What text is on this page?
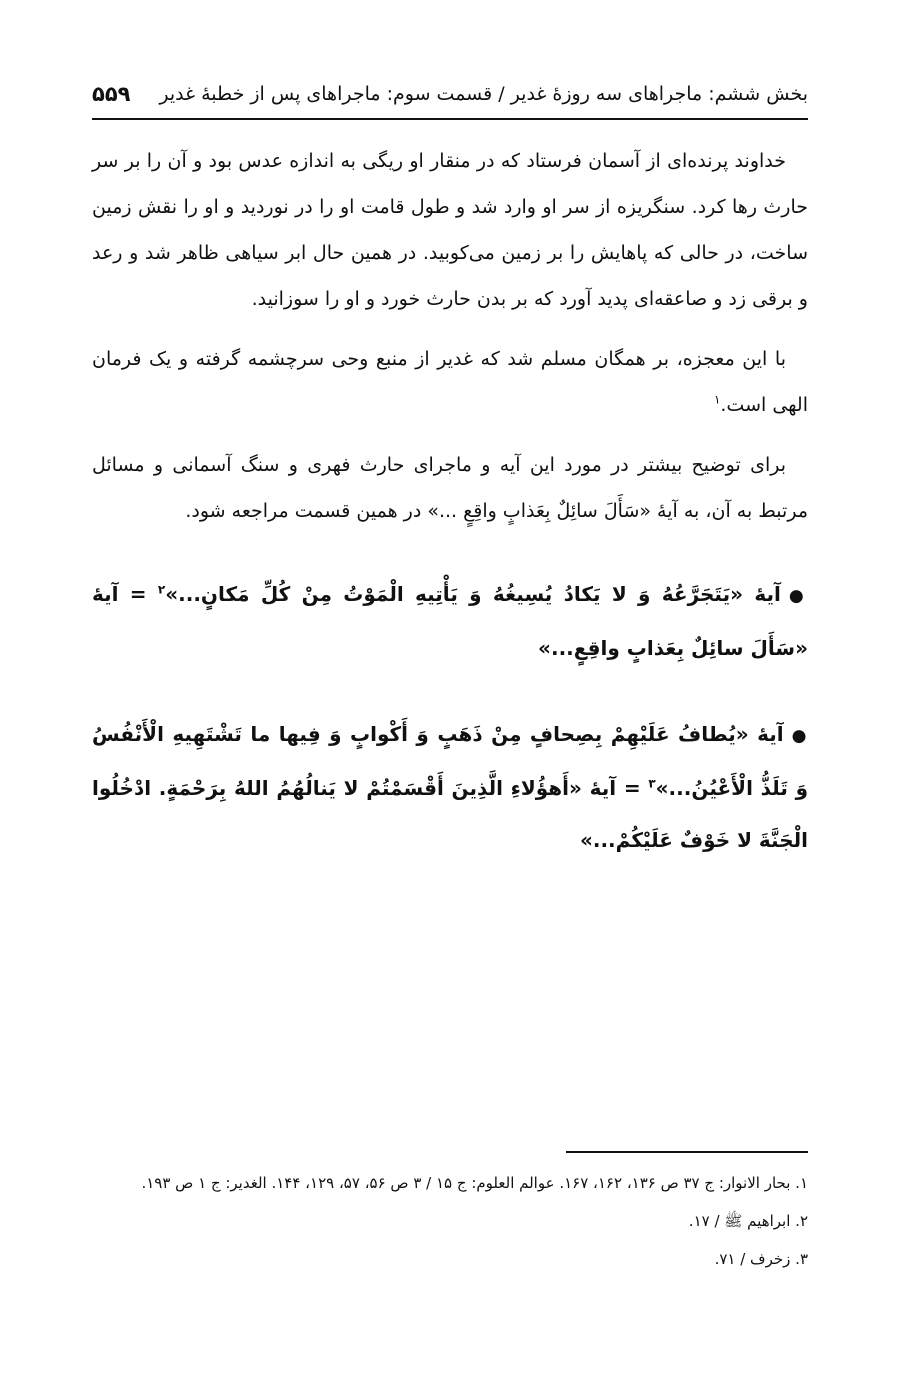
بخش ششم: ماجراهای سه روزهٔ غدیر / قسمت سوم: ماجراهای پس از خطبهٔ غدیر
۵۵۹

خداوند پرنده‌ای از آسمان فرستاد که در منقار او ریگی به اندازه عدس بود و آن را بر سر حارث رها کرد. سنگریزه از سر او وارد شد و طول قامت او را در نوردید و او را نقش زمین ساخت، در حالی که پاهایش را بر زمین می‌کوبید. در همین حال ابر سیاهی ظاهر شد و رعد و برقی زد و صاعقه‌ای پدید آورد که بر بدن حارث خورد و او را سوزانید.

با این معجزه، بر همگان مسلم شد که غدیر از منبع وحی سرچشمه گرفته و یک فرمان الهی است.$^۱$

برای توضیح بیشتر در مورد این آیه و ماجرای حارث فهری و سنگ آسمانی و مسائل مرتبط به آن، به آیهٔ «سَأَلَ سائِلٌ بِعَذابٍ واقِعٍ ...» در همین قسمت مراجعه شود.

●آیهٔ «یَتَجَرَّعُهُ وَ لا یَکادُ یُسِیغُهُ وَ یَأْتِیهِ الْمَوْتُ مِنْ کُلِّ مَکانٍ...»$^۲$ = آیهٔ «سَأَلَ سائِلٌ بِعَذابٍ واقِعٍ...»

●آیهٔ «یُطافُ عَلَیْهِمْ بِصِحافٍ مِنْ ذَهَبٍ وَ أَکْوابٍ وَ فِیها ما تَشْتَهِیهِ الْأَنْفُسُ وَ تَلَذُّ الْأَعْیُنُ...»$^۳$ = آیهٔ «أَهؤُلاءِ الَّذِینَ أَقْسَمْتُمْ لا یَنالُهُمُ اللهُ بِرَحْمَةٍ. ادْخُلُوا الْجَنَّةَ لا خَوْفٌ عَلَیْکُمْ...»

۱. بحار الانوار: ج ۳۷ ص ۱۳۶، ۱۶۲، ۱۶۷. عوالم العلوم: ج ۱۵ / ۳ ص ۵۶، ۵۷، ۱۲۹، ۱۴۴. الغدیر: ج ۱ ص ۱۹۳.

۲. ابراهیم ﷺ / ۱۷.

۳. زخرف / ۷۱.
